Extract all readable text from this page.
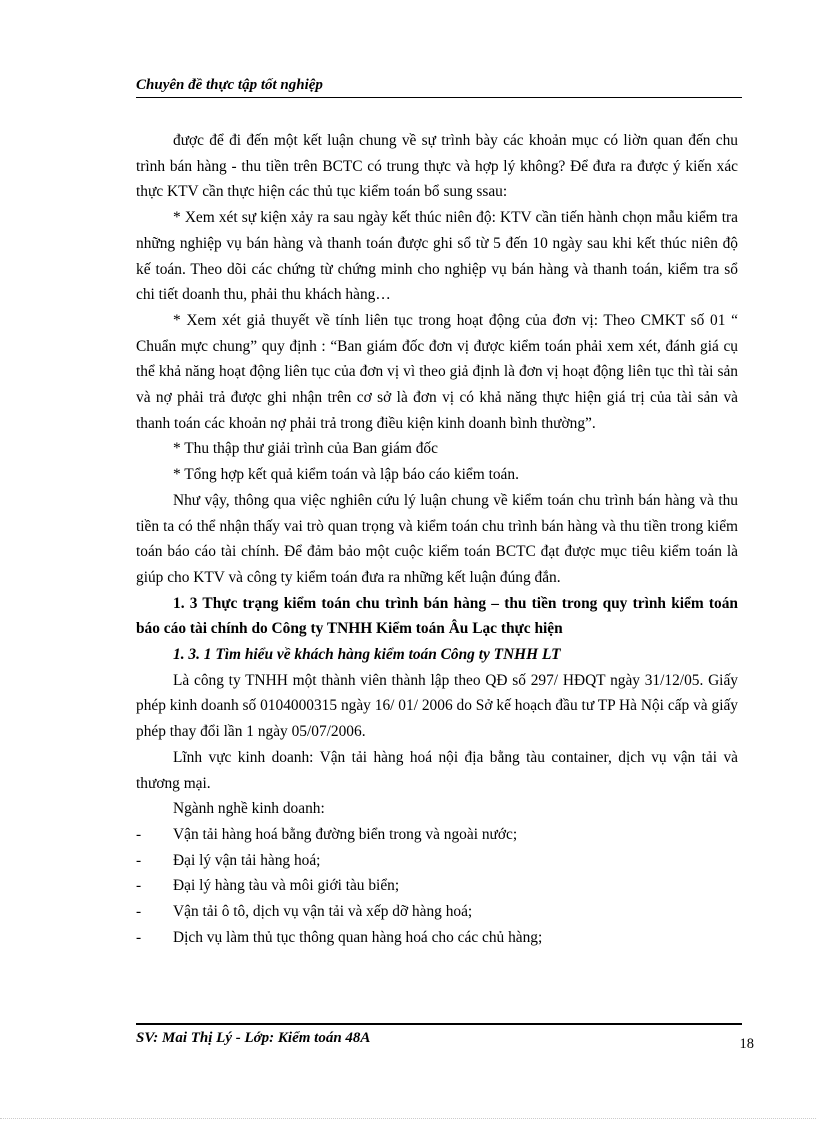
Chuyên đề thực tập tốt nghiệp

được để đi đến một kết luận chung về sự trình bày các khoản mục có liờn quan đến chu trình bán hàng - thu tiền trên BCTC có trung thực và hợp lý không? Để đưa ra được ý kiến xác thực KTV cần thực hiện các thủ tục kiểm toán bổ sung ssau:

* Xem xét sự kiện xảy ra sau ngày kết thúc niên độ: KTV cần tiến hành chọn mẫu kiểm tra những nghiệp vụ bán hàng và thanh toán được ghi sổ từ 5 đến 10 ngày sau khi kết thúc niên độ kế toán. Theo dõi các chứng từ chứng minh cho nghiệp vụ bán hàng và thanh toán, kiểm tra sổ chi tiết doanh thu, phải thu khách hàng…

* Xem xét giả thuyết về tính liên tục trong hoạt động của đơn vị: Theo CMKT số 01 “ Chuẩn mực chung” quy định : “Ban giám đốc đơn vị được kiểm toán phải xem xét, đánh giá cụ thể khả năng hoạt động liên tục của đơn vị vì theo giả định là đơn vị hoạt động liên tục thì tài sản và nợ phải trả được ghi nhận trên cơ sở là đơn vị có khả năng thực hiện giá trị của tài sản và thanh toán các khoản nợ phải trả trong điều kiện kinh doanh bình thường”.

* Thu thập thư giải trình của Ban giám đốc

* Tổng hợp kết quả kiểm toán và lập báo cáo kiểm toán.

Như vậy, thông qua việc nghiên cứu lý luận chung về kiểm toán chu trình bán hàng và thu tiền ta có thể nhận thấy vai trò quan trọng và kiểm toán chu trình bán hàng và thu tiền trong kiểm toán báo cáo tài chính. Để đảm bảo một cuộc kiểm toán BCTC đạt được mục tiêu kiểm toán là giúp cho KTV và công ty kiểm toán đưa ra những kết luận đúng đắn.

1. 3 Thực trạng kiểm toán chu trình bán hàng – thu tiền trong quy trình kiểm toán báo cáo tài chính do Công ty TNHH Kiểm toán Âu Lạc thực hiện

1. 3. 1 Tìm hiểu về khách hàng kiểm toán Công ty TNHH LT

Là công ty TNHH một thành viên thành lập theo QĐ số 297/ HĐQT ngày 31/12/05. Giấy phép kinh doanh số 0104000315 ngày 16/ 01/ 2006 do Sở kế hoạch đầu tư TP Hà Nội cấp và giấy phép thay đổi lần 1 ngày 05/07/2006.

Lĩnh vực kinh doanh: Vận tải hàng hoá nội địa bằng tàu container, dịch vụ vận tải và thương mại.

Ngành nghề kinh doanh:

-	Vận tải hàng hoá bằng đường biển trong và ngoài nước;

-	Đại lý vận tải hàng hoá;

-	Đại lý hàng tàu và môi giới tàu biển;

-	Vận tải ô tô, dịch vụ vận tải và xếp dỡ hàng hoá;

-	Dịch vụ làm thủ tục thông quan hàng hoá cho các chủ hàng;

SV: Mai Thị Lý - Lớp: Kiểm toán 48A	18
